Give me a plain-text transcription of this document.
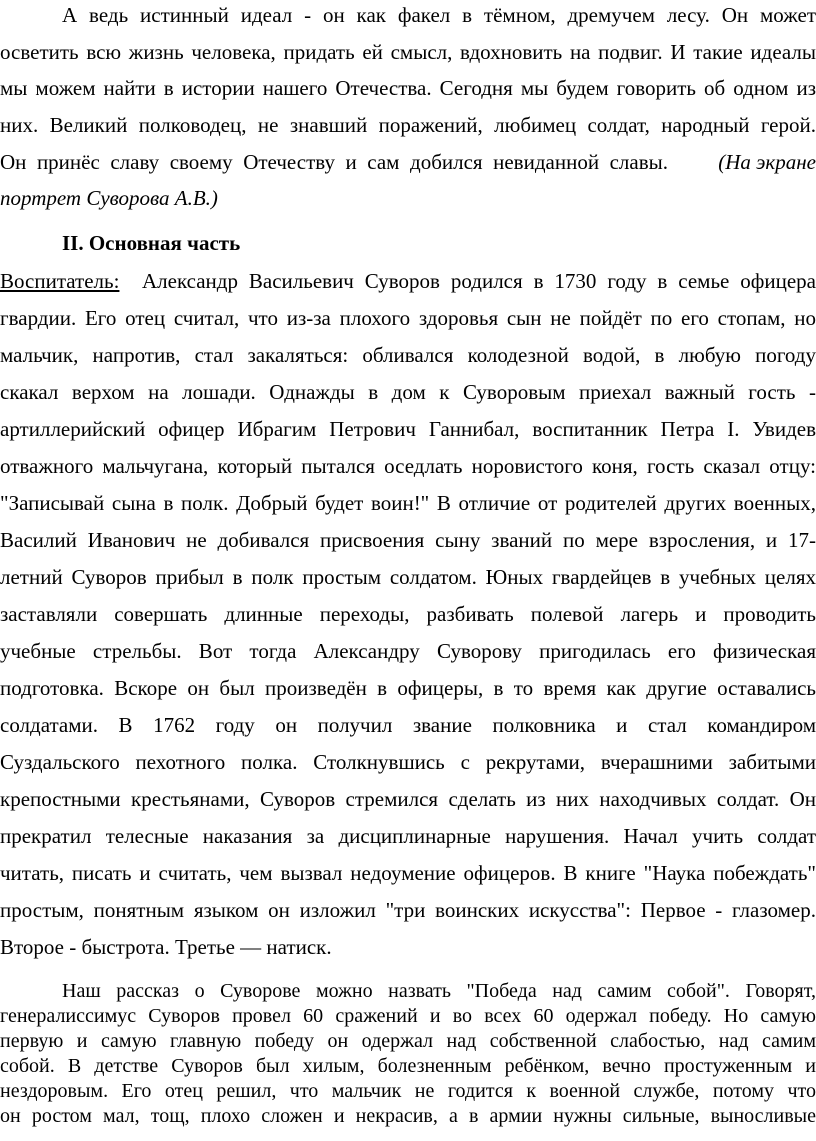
А ведь истинный идеал - он как факел в тёмном, дремучем лесу. Он может
осветить всю жизнь человека, придать ей смысл, вдохновить на подвиг. И такие идеалы
мы можем найти в истории нашего Отечества. Сегодня мы будем говорить об одном из
них. Великий полководец, не знавший поражений, любимец солдат, народный герой.
Он принёс славу своему Отечеству и сам добился невиданной славы. (На экране
портрет Суворова А.В.)
II. Основная часть
Воспитатель: Александр Васильевич Суворов родился в 1730 году в семье офицера
гвардии. Его отец считал, что из-за плохого здоровья сын не пойдёт по его стопам, но
мальчик, напротив, стал закаляться: обливался колодезной водой, в любую погоду
скакал верхом на лошади. Однажды в дом к Суворовым приехал важный гость -
артиллерийский офицер Ибрагим Петрович Ганнибал, воспитанник Петра I. Увидев
отважного мальчугана, который пытался оседлать норовистого коня, гость сказал отцу:
"Записывай сына в полк. Добрый будет воин!" В отличие от родителей других военных,
Василий Иванович не добивался присвоения сыну званий по мере взросления, и 17-
летний Суворов прибыл в полк простым солдатом. Юных гвардейцев в учебных целях
заставляли совершать длинные переходы, разбивать полевой лагерь и проводить
учебные стрельбы. Вот тогда Александру Суворову пригодилась его физическая
подготовка. Вскоре он был произведён в офицеры, в то время как другие оставались
солдатами. В 1762 году он получил звание полковника и стал командиром
Суздальского пехотного полка. Столкнувшись с рекрутами, вчерашними забитыми
крепостными крестьянами, Суворов стремился сделать из них находчивых солдат. Он
прекратил телесные наказания за дисциплинарные нарушения. Начал учить солдат
читать, писать и считать, чем вызвал недоумение офицеров. В книге "Наука побеждать"
простым, понятным языком он изложил "три воинских искусства": Первое - глазомер.
Второе - быстрота. Третье — натиск.
Наш рассказ о Суворове можно назвать "Победа над самим собой". Говорят,
генералиссимус Суворов провел 60 сражений и во всех 60 одержал победу. Но самую
первую и самую главную победу он одержал над собственной слабостью, над самим
собой. В детстве Суворов был хилым, болезненным ребёнком, вечно простуженным и
нездоровым. Его отец решил, что мальчик не годится к военной службе, потому что
он ростом мал, тощ, плохо сложен и некрасив, а в армии нужны сильные, выносливые
